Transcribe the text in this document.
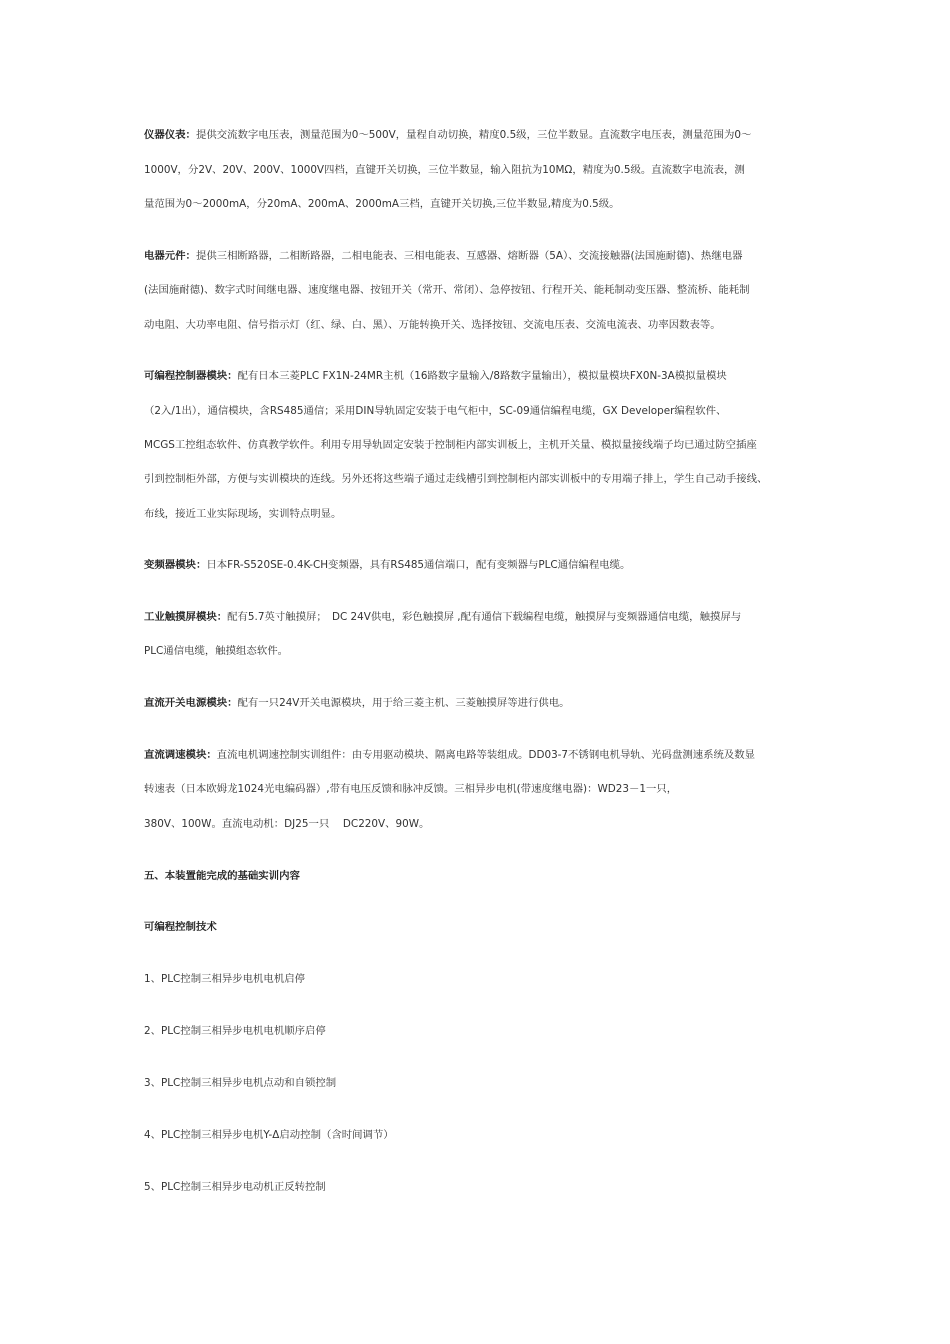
仪器仪表：提供交流数字电压表，测量范围为0～500V，量程自动切换，精度0.5级，三位半数显。直流数字电压表，测量范围为0～
1000V，分2V、20V、200V、1000V四档，直键开关切换，三位半数显，输入阻抗为10MΩ，精度为0.5级。直流数字电流表，测
量范围为0～2000mA，分20mA、200mA、2000mA三档，直键开关切换,三位半数显,精度为0.5级。
电器元件：提供三相断路器，二相断路器，二相电能表、三相电能表、互感器、熔断器（5A）、交流接触器(法国施耐德)、热继电器
(法国施耐德)、数字式时间继电器、速度继电器、按钮开关（常开、常闭）、急停按钮、行程开关、能耗制动变压器、整流桥、能耗制
动电阻、大功率电阻、信号指示灯（红、绿、白、黑）、万能转换开关、选择按钮、交流电压表、交流电流表、功率因数表等。
可编程控制器模块：配有日本三菱PLC FX1N-24MR主机（16路数字量输入/8路数字量输出），模拟量模块FX0N-3A模拟量模块
（2入/1出），通信模块，含RS485通信；采用DIN导轨固定安装于电气柜中，SC-09通信编程电缆，GX Developer编程软件、
MCGS工控组态软件、仿真教学软件。利用专用导轨固定安装于控制柜内部实训板上，主机开关量、模拟量接线端子均已通过防空插座
引到控制柜外部，方便与实训模块的连线。另外还将这些端子通过走线槽引到控制柜内部实训板中的专用端子排上，学生自己动手接线、
布线，接近工业实际现场，实训特点明显。
变频器模块：日本FR-S520SE-0.4K-CH变频器，具有RS485通信端口，配有变频器与PLC通信编程电缆。
工业触摸屏模块：配有5.7英寸触摸屏；　DC 24V供电，彩色触摸屏 ,配有通信下载编程电缆，触摸屏与变频器通信电缆，触摸屏与
PLC通信电缆，触摸组态软件。
直流开关电源模块：配有一只24V开关电源模块，用于给三菱主机、三菱触摸屏等进行供电。
直流调速模块：直流电机调速控制实训组件：由专用驱动模块、隔离电路等装组成。DD03-7不锈钢电机导轨、光码盘测速系统及数显
转速表（日本欧姆龙1024光电编码器）,带有电压反馈和脉冲反馈。三相异步电机(带速度继电器)：WD23－1一只，
380V、100W。直流电动机：DJ25一只　 DC220V、90W。
五、本装置能完成的基础实训内容
可编程控制技术
1、PLC控制三相异步电机电机启停
2、PLC控制三相异步电机电机顺序启停
3、PLC控制三相异步电机点动和自锁控制
4、PLC控制三相异步电机Y-Δ启动控制（含时间调节）
5、PLC控制三相异步电动机正反转控制
